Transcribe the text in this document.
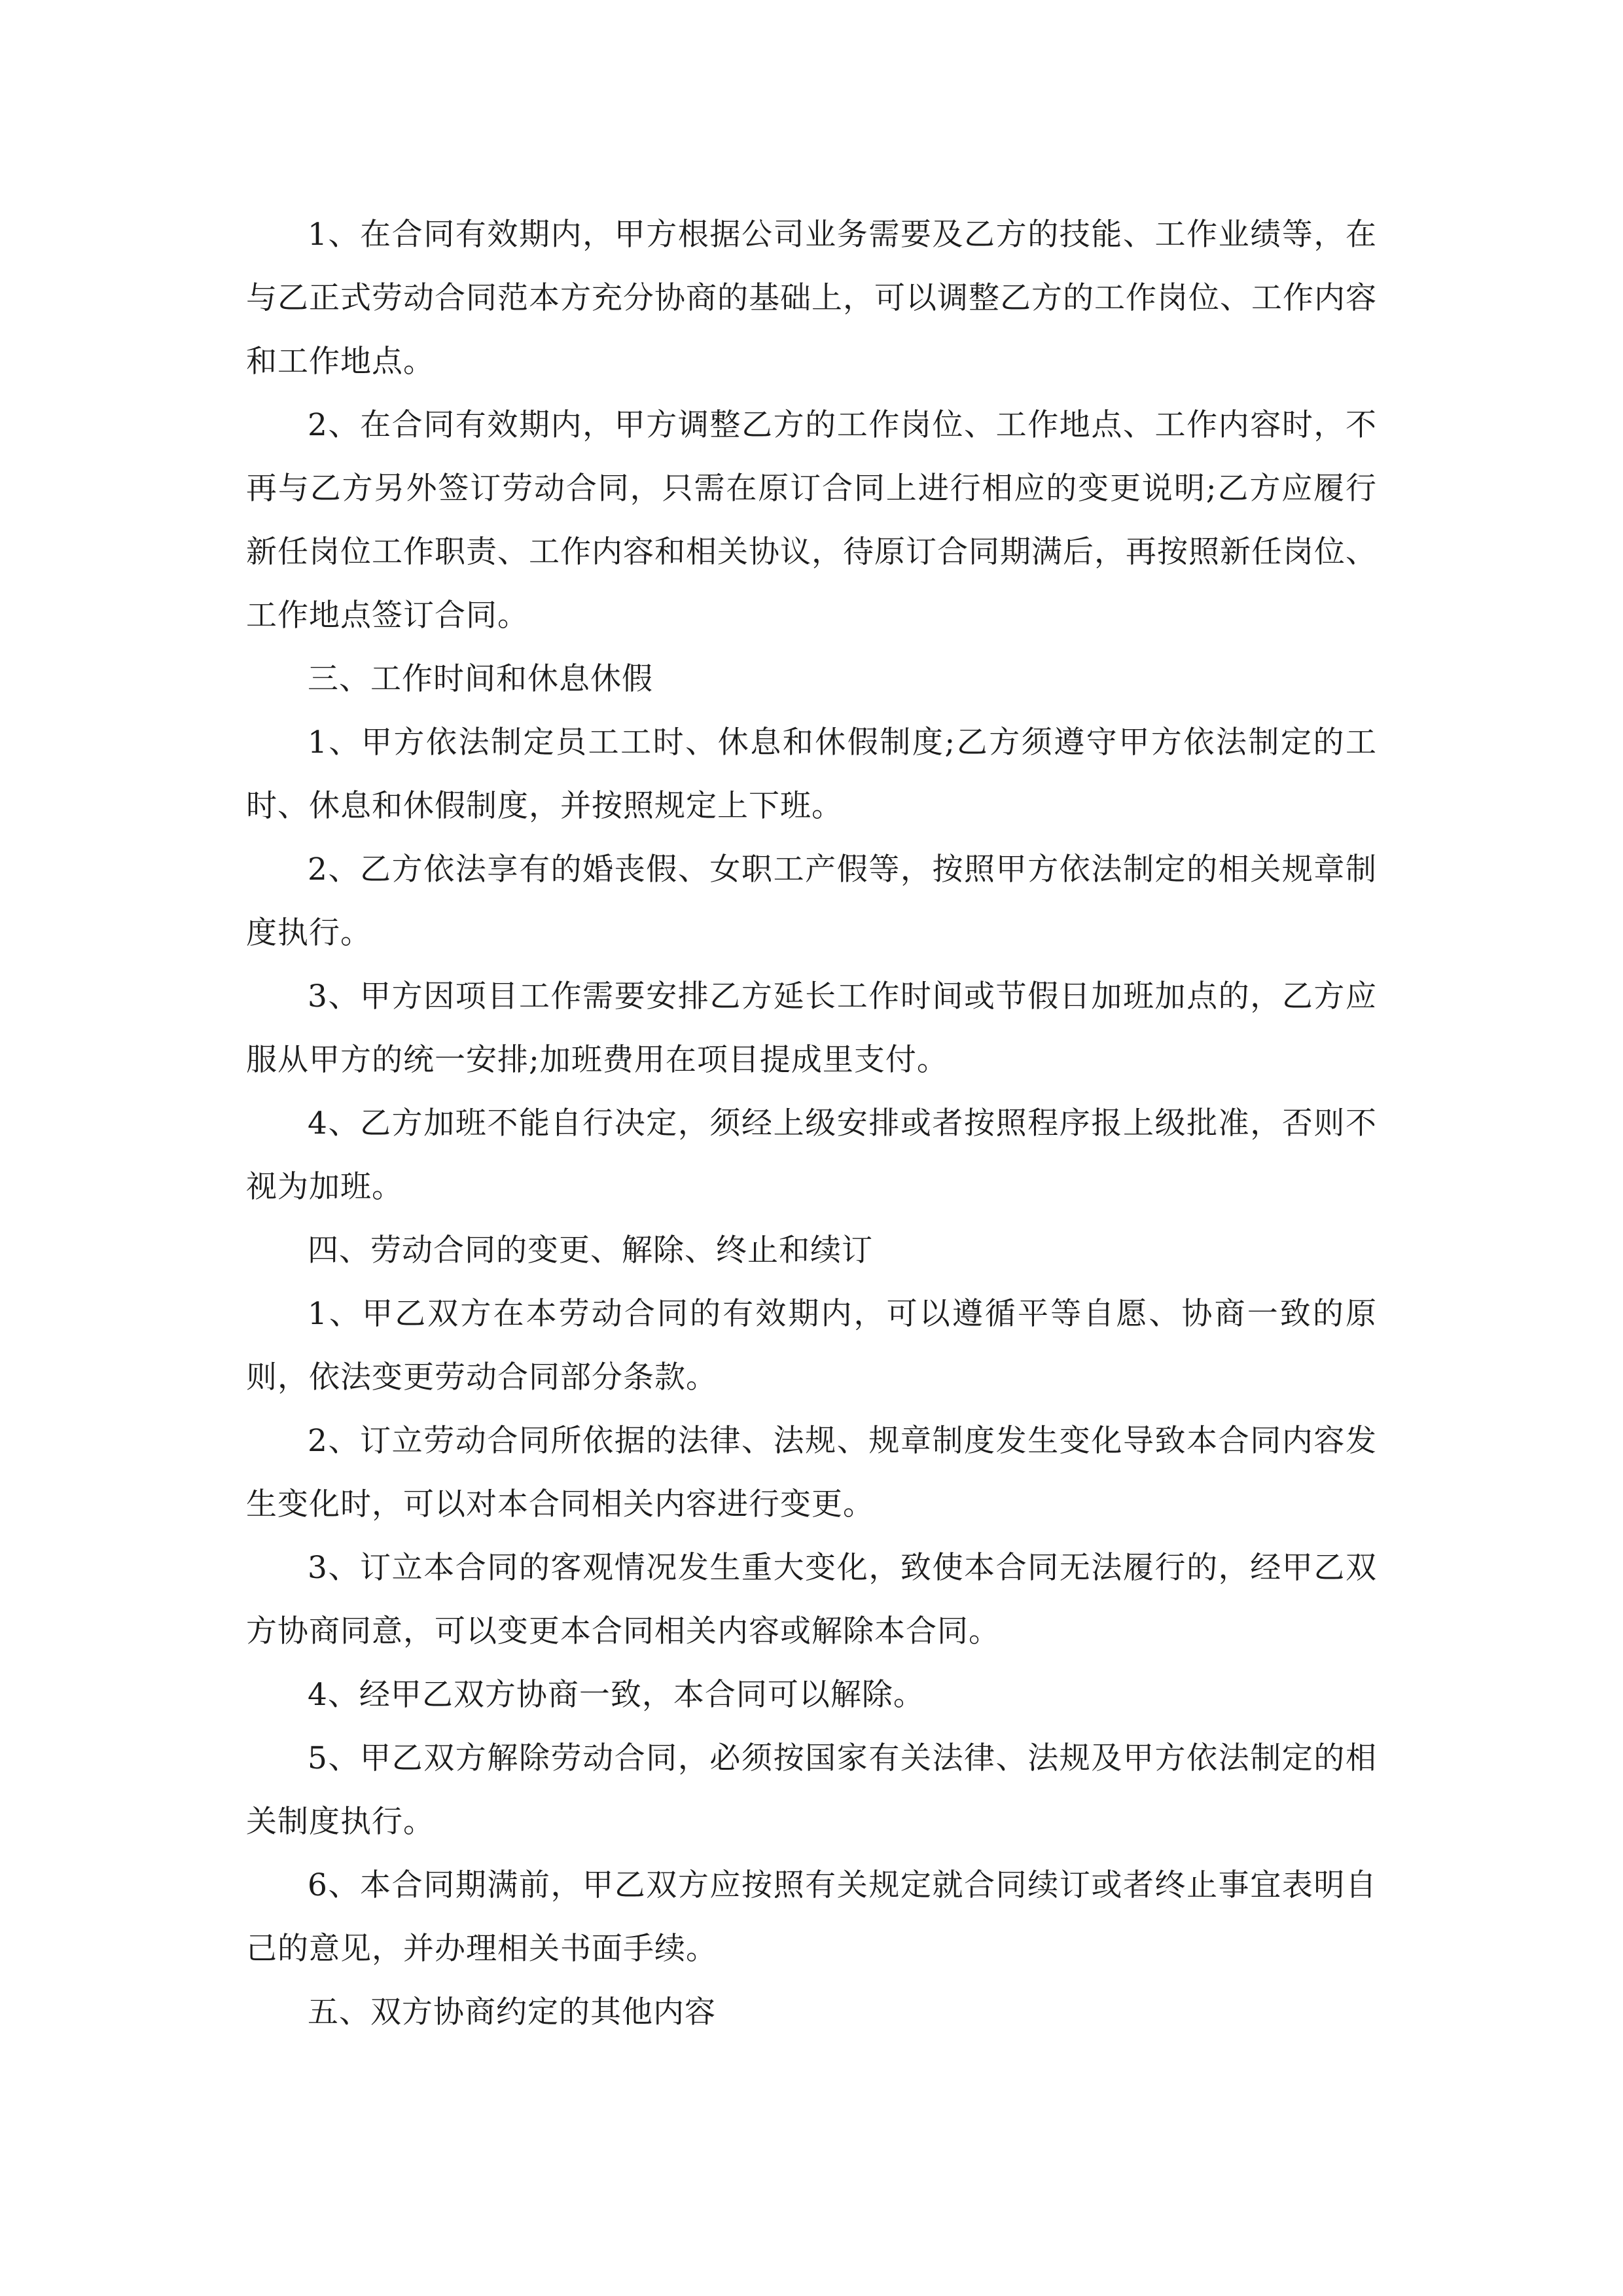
1、在合同有效期内，甲方根据公司业务需要及乙方的技能、工作业绩等，在与乙正式劳动合同范本方充分协商的基础上，可以调整乙方的工作岗位、工作内容和工作地点。

2、在合同有效期内，甲方调整乙方的工作岗位、工作地点、工作内容时，不再与乙方另外签订劳动合同，只需在原订合同上进行相应的变更说明;乙方应履行新任岗位工作职责、工作内容和相关协议，待原订合同期满后，再按照新任岗位、工作地点签订合同。

三、工作时间和休息休假

1、甲方依法制定员工工时、休息和休假制度;乙方须遵守甲方依法制定的工时、休息和休假制度，并按照规定上下班。

2、乙方依法享有的婚丧假、女职工产假等，按照甲方依法制定的相关规章制度执行。

3、甲方因项目工作需要安排乙方延长工作时间或节假日加班加点的，乙方应服从甲方的统一安排;加班费用在项目提成里支付。

4、乙方加班不能自行决定，须经上级安排或者按照程序报上级批准，否则不视为加班。

四、劳动合同的变更、解除、终止和续订

1、甲乙双方在本劳动合同的有效期内，可以遵循平等自愿、协商一致的原则，依法变更劳动合同部分条款。

2、订立劳动合同所依据的法律、法规、规章制度发生变化导致本合同内容发生变化时，可以对本合同相关内容进行变更。

3、订立本合同的客观情况发生重大变化，致使本合同无法履行的，经甲乙双方协商同意，可以变更本合同相关内容或解除本合同。

4、经甲乙双方协商一致，本合同可以解除。

5、甲乙双方解除劳动合同，必须按国家有关法律、法规及甲方依法制定的相关制度执行。

6、本合同期满前，甲乙双方应按照有关规定就合同续订或者终止事宜表明自己的意见，并办理相关书面手续。

五、双方协商约定的其他内容
